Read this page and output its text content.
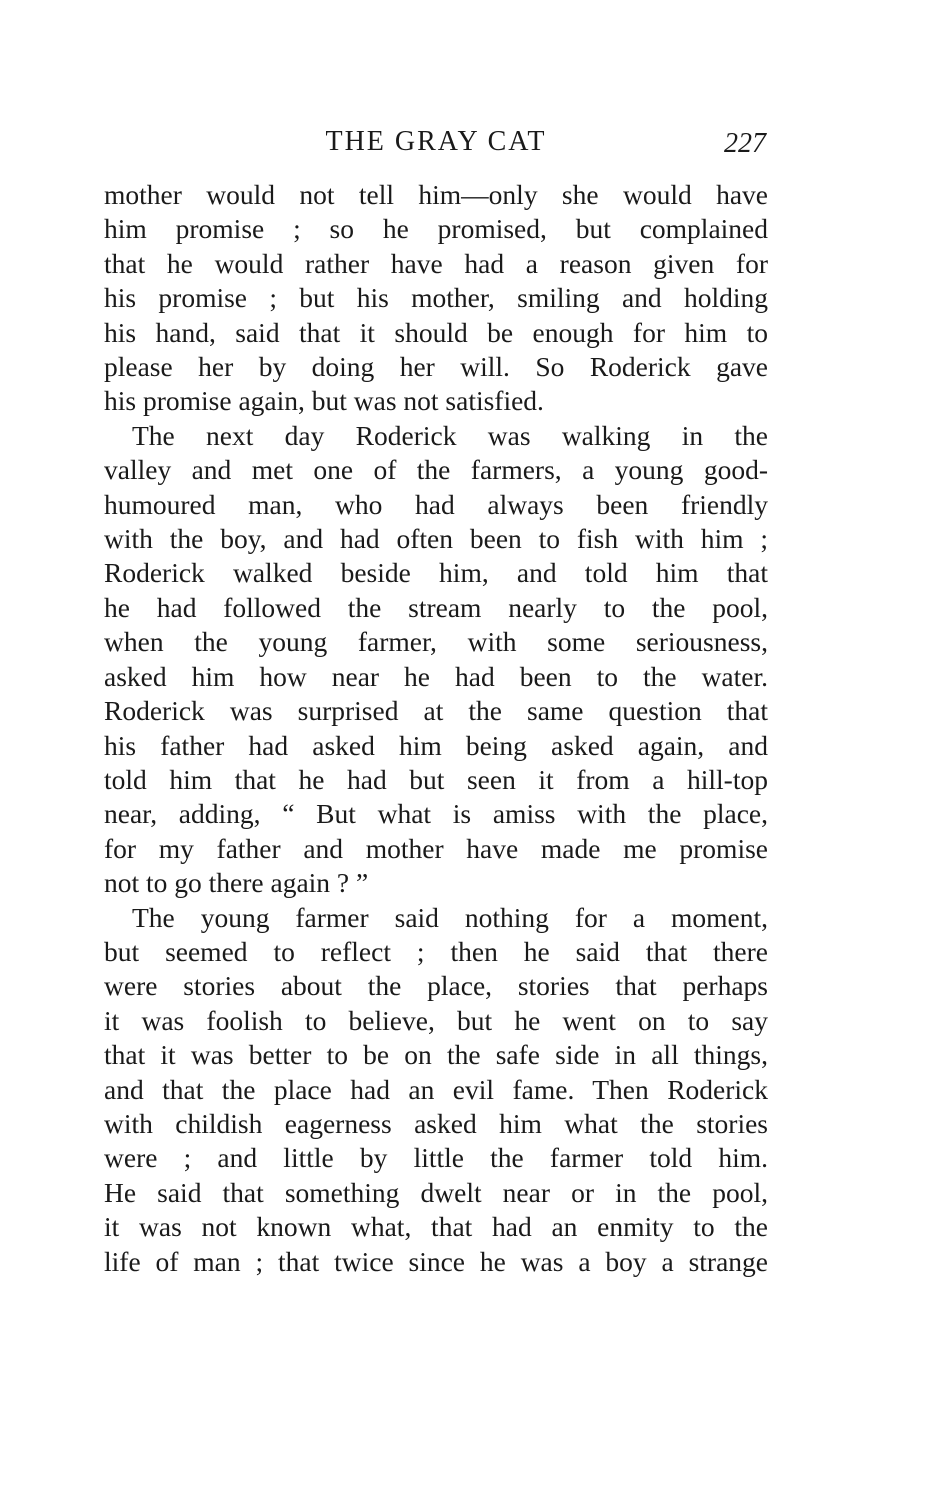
THE GRAY CAT	227

mother would not tell him—only she would have
him promise ; so he promised, but complained
that he would rather have had a reason given for
his promise ; but his mother, smiling and holding
his hand, said that it should be enough for him to
please her by doing her will. So Roderick gave
his promise again, but was not satisfied.

The next day Roderick was walking in the
valley and met one of the farmers, a young good-
humoured man, who had always been friendly
with the boy, and had often been to fish with him ;
Roderick walked beside him, and told him that
he had followed the stream nearly to the pool,
when the young farmer, with some seriousness,
asked him how near he had been to the water.
Roderick was surprised at the same question that
his father had asked him being asked again, and
told him that he had but seen it from a hill-top
near, adding, “ But what is amiss with the place,
for my father and mother have made me promise
not to go there again ? ”

The young farmer said nothing for a moment,
but seemed to reflect ; then he said that there
were stories about the place, stories that perhaps
it was foolish to believe, but he went on to say
that it was better to be on the safe side in all things,
and that the place had an evil fame. Then Roderick
with childish eagerness asked him what the stories
were ; and little by little the farmer told him.
He said that something dwelt near or in the pool,
it was not known what, that had an enmity to the
life of man ; that twice since he was a boy a strange
